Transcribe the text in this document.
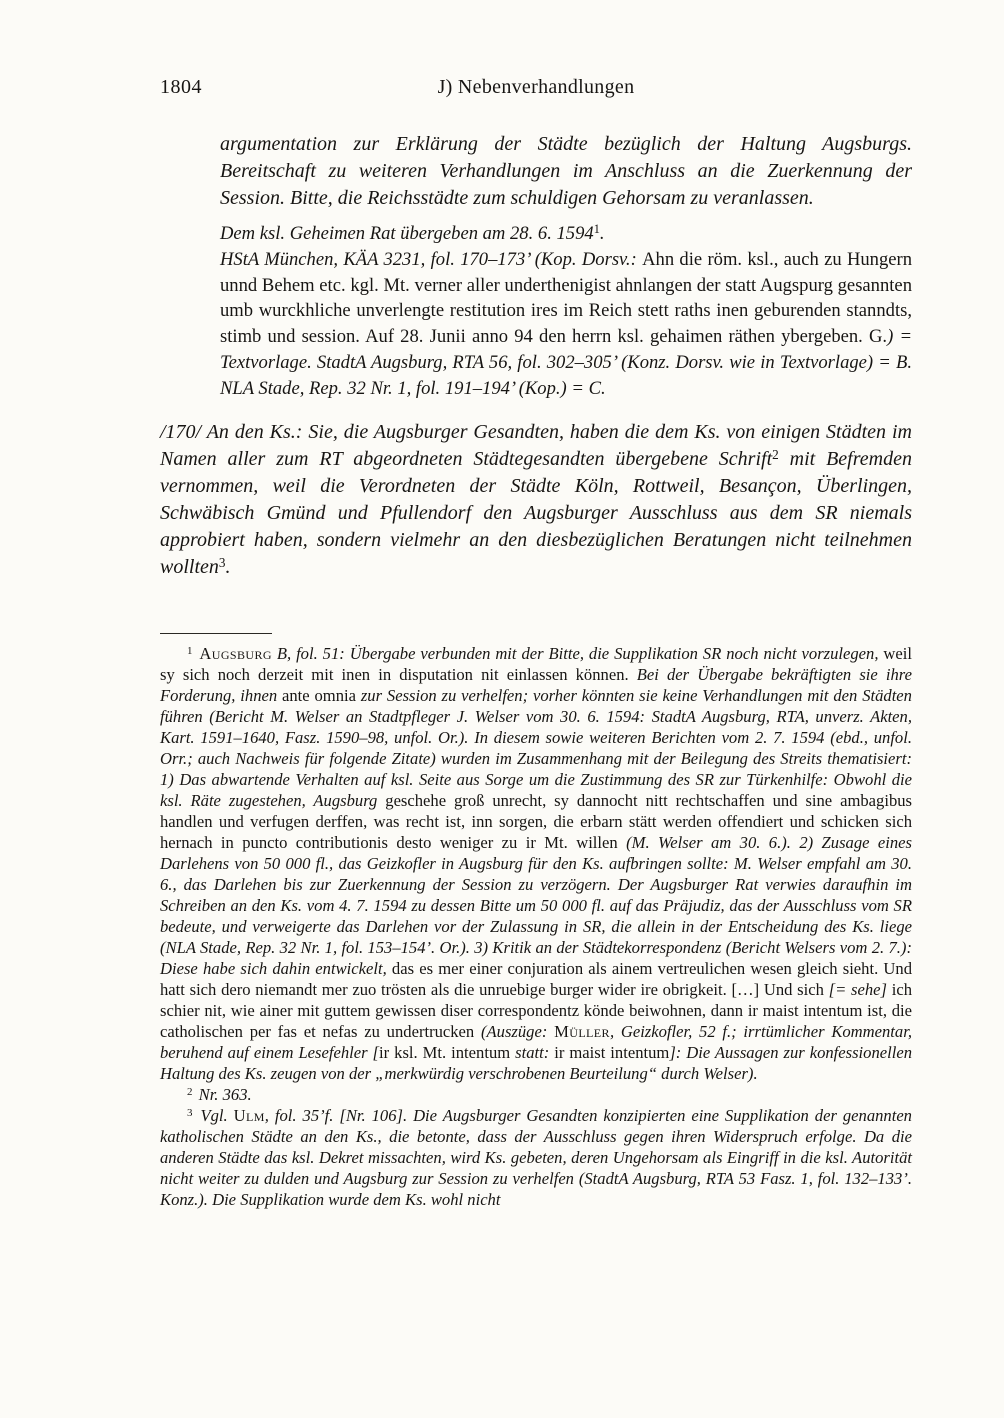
1804	J) Nebenverhandlungen

argumentation zur Erklärung der Städte bezüglich der Haltung Augsburgs. Bereitschaft zu weiteren Verhandlungen im Anschluss an die Zuerkennung der Session. Bitte, die Reichsstädte zum schuldigen Gehorsam zu veranlassen.

Dem ksl. Geheimen Rat übergeben am 28. 6. 1594$^1$.

HStA München, KÄA 3231, fol. 170–173’ (Kop. Dorsv.: Ahn die röm. ksl., auch zu Hungern unnd Behem etc. kgl. Mt. verner aller underthenigist ahnlangen der statt Augspurg gesannten umb wurckhliche unverlengte restitution ires im Reich stett raths inen geburenden stanndts, stimb und session. Auf 28. Junii anno 94 den herrn ksl. gehaimen räthen ybergeben. G.) = Textvorlage. StadtA Augsburg, RTA 56, fol. 302–305’ (Konz. Dorsv. wie in Textvorlage) = B. NLA Stade, Rep. 32 Nr. 1, fol. 191–194’ (Kop.) = C.

/170/ An den Ks.: Sie, die Augsburger Gesandten, haben die dem Ks. von einigen Städten im Namen aller zum RT abgeordneten Städtegesandten übergebene Schrift$^2$ mit Befremden vernommen, weil die Verordneten der Städte Köln, Rottweil, Besançon, Überlingen, Schwäbisch Gmünd und Pfullendorf den Augsburger Ausschluss aus dem SR niemals approbiert haben, sondern vielmehr an den diesbezüglichen Beratungen nicht teilnehmen wollten$^3$.

$^1$ Augsburg B, fol. 51: Übergabe verbunden mit der Bitte, die Supplikation SR noch nicht vorzulegen, weil sy sich noch derzeit mit inen in disputation nit einlassen können. Bei der Übergabe bekräftigten sie ihre Forderung, ihnen ante omnia zur Session zu verhelfen; vorher könnten sie keine Verhandlungen mit den Städten führen (Bericht M. Welser an Stadtpfleger J. Welser vom 30. 6. 1594: StadtA Augsburg, RTA, unverz. Akten, Kart. 1591–1640, Fasz. 1590–98, unfol. Or.). In diesem sowie weiteren Berichten vom 2. 7. 1594 (ebd., unfol. Orr.; auch Nachweis für folgende Zitate) wurden im Zusammenhang mit der Beilegung des Streits thematisiert: 1) Das abwartende Verhalten auf ksl. Seite aus Sorge um die Zustimmung des SR zur Türkenhilfe: Obwohl die ksl. Räte zugestehen, Augsburg geschehe groß unrecht, sy dannocht nitt rechtschaffen und sine ambagibus handlen und verfugen derffen, was recht ist, inn sorgen, die erbarn stätt werden offendiert und schicken sich hernach in puncto contributionis desto weniger zu ir Mt. willen (M. Welser am 30. 6.). 2) Zusage eines Darlehens von 50 000 fl., das Geizkofler in Augsburg für den Ks. aufbringen sollte: M. Welser empfahl am 30. 6., das Darlehen bis zur Zuerkennung der Session zu verzögern. Der Augsburger Rat verwies daraufhin im Schreiben an den Ks. vom 4. 7. 1594 zu dessen Bitte um 50 000 fl. auf das Präjudiz, das der Ausschluss vom SR bedeute, und verweigerte das Darlehen vor der Zulassung in SR, die allein in der Entscheidung des Ks. liege (NLA Stade, Rep. 32 Nr. 1, fol. 153–154’. Or.). 3) Kritik an der Städtekorrespondenz (Bericht Welsers vom 2. 7.): Diese habe sich dahin entwickelt, das es mer einer conjuration als ainem vertreulichen wesen gleich sieht. Und hatt sich dero niemandt mer zuo trösten als die unruebige burger wider ire obrigkeit. […] Und sich [= sehe] ich schier nit, wie ainer mit guttem gewissen diser correspondentz könde beiwohnen, dann ir maist intentum ist, die catholischen per fas et nefas zu undertrucken (Auszüge: Müller, Geizkofler, 52 f.; irrtümlicher Kommentar, beruhend auf einem Lesefehler [ir ksl. Mt. intentum statt: ir maist intentum]: Die Aussagen zur konfessionellen Haltung des Ks. zeugen von der „merkwürdig verschrobenen Beurteilung“ durch Welser).

$^2$ Nr. 363.

$^3$ Vgl. Ulm, fol. 35’f. [Nr. 106]. Die Augsburger Gesandten konzipierten eine Supplikation der genannten katholischen Städte an den Ks., die betonte, dass der Ausschluss gegen ihren Widerspruch erfolge. Da die anderen Städte das ksl. Dekret missachten, wird Ks. gebeten, deren Ungehorsam als Eingriff in die ksl. Autorität nicht weiter zu dulden und Augsburg zur Session zu verhelfen (StadtA Augsburg, RTA 53 Fasz. 1, fol. 132–133’. Konz.). Die Supplikation wurde dem Ks. wohl nicht
